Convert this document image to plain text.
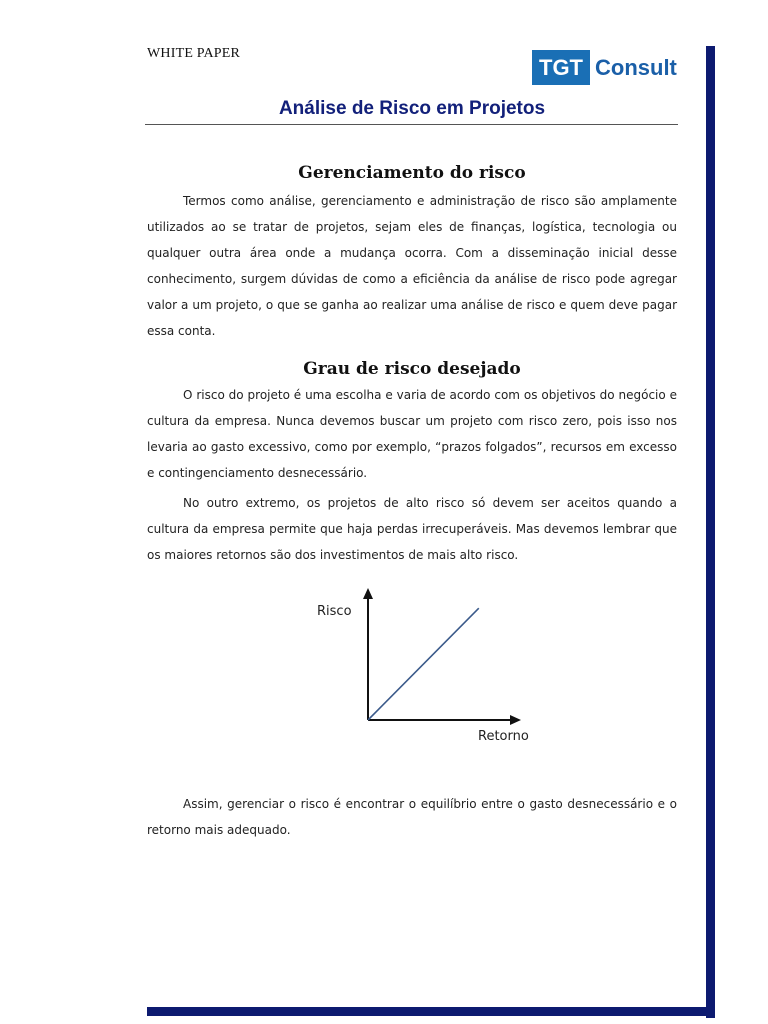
WHITE PAPER
TGT Consult
Análise de Risco em Projetos
Gerenciamento do risco

Termos como análise, gerenciamento e administração de risco são amplamente utilizados ao se tratar de projetos, sejam eles de finanças, logística, tecnologia ou qualquer outra área onde a mudança ocorra. Com a disseminação inicial desse conhecimento, surgem dúvidas de como a eficiência da análise de risco pode agregar valor a um projeto, o que se ganha ao realizar uma análise de risco e quem deve pagar essa conta.

Grau de risco desejado

O risco do projeto é uma escolha e varia de acordo com os objetivos do negócio e cultura da empresa. Nunca devemos buscar um projeto com risco zero, pois isso nos levaria ao gasto excessivo, como por exemplo, “prazos folgados”, recursos em excesso e contingenciamento desnecessário.

No outro extremo, os projetos de alto risco só devem ser aceitos quando a cultura da empresa permite que haja perdas irrecuperáveis. Mas devemos lembrar que os maiores retornos são dos investimentos de mais alto risco.

Risco
Retorno

Assim, gerenciar o risco é encontrar o equilíbrio entre o gasto desnecessário e o retorno mais adequado.
